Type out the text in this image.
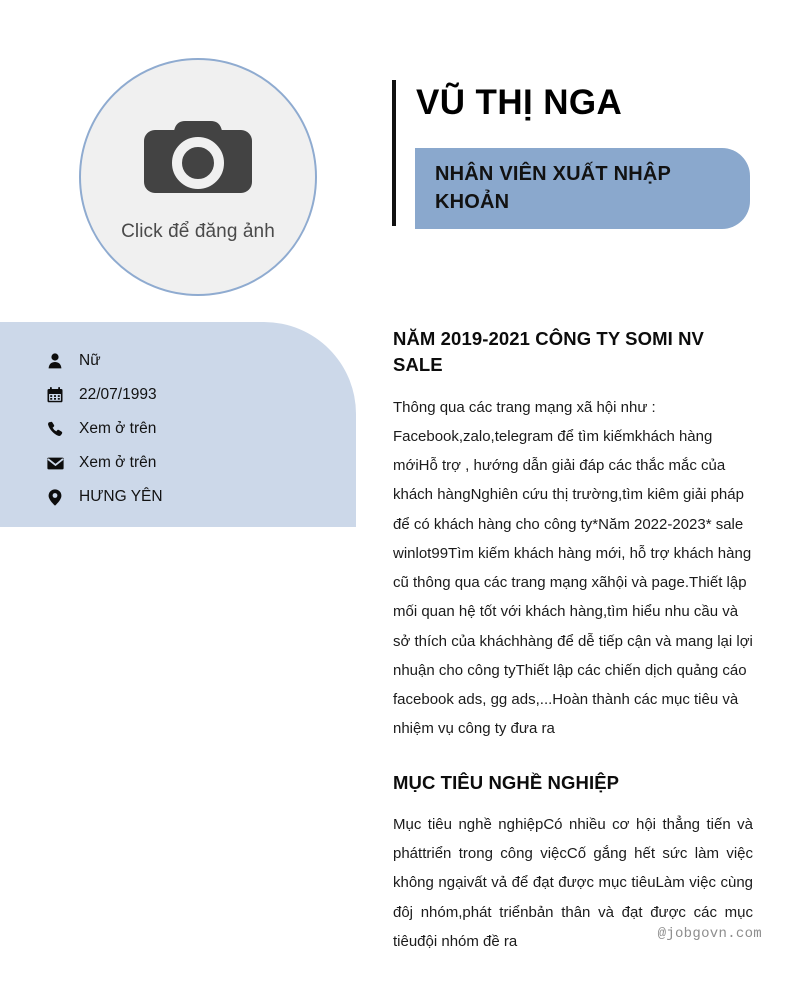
Click để đăng ảnh
Nữ
22/07/1993
Xem ở trên
Xem ở trên
HƯNG YÊN
VŨ THỊ NGA
NHÂN VIÊN XUẤT NHẬP KHOẢN
NĂM 2019-2021 CÔNG TY SOMI NV SALE

Thông qua các trang mạng xã hội như : Facebook,zalo,telegram để tìm kiếmkhách hàng mớiHỗ trợ , hướng dẫn giải đáp các thắc mắc của khách hàngNghiên cứu thị trường,tìm kiêm giải pháp để có khách hàng cho công ty*Năm 2022-2023* sale winlot99Tìm kiếm khách hàng mới, hỗ trợ khách hàng cũ thông qua các trang mạng xãhội và page.Thiết lập mối quan hệ tốt với khách hàng,tìm hiểu nhu cầu và sở thích của kháchhàng để dễ tiếp cận và mang lại lợi nhuận cho công tyThiết lập các chiến dịch quảng cáo facebook ads, gg ads,...Hoàn thành các mục tiêu và nhiệm vụ công ty đưa ra

MỤC TIÊU NGHỀ NGHIỆP

Mục tiêu nghề nghiệpCó nhiều cơ hội thẳng tiến và pháttriển trong công việcCố gắng hết sức làm việc không ngạivất vả để đạt được mục tiêuLàm việc cùng đôj nhóm,phát triểnbản thân và đạt được các mục tiêuđội nhóm đề ra	@jobgovn.com
